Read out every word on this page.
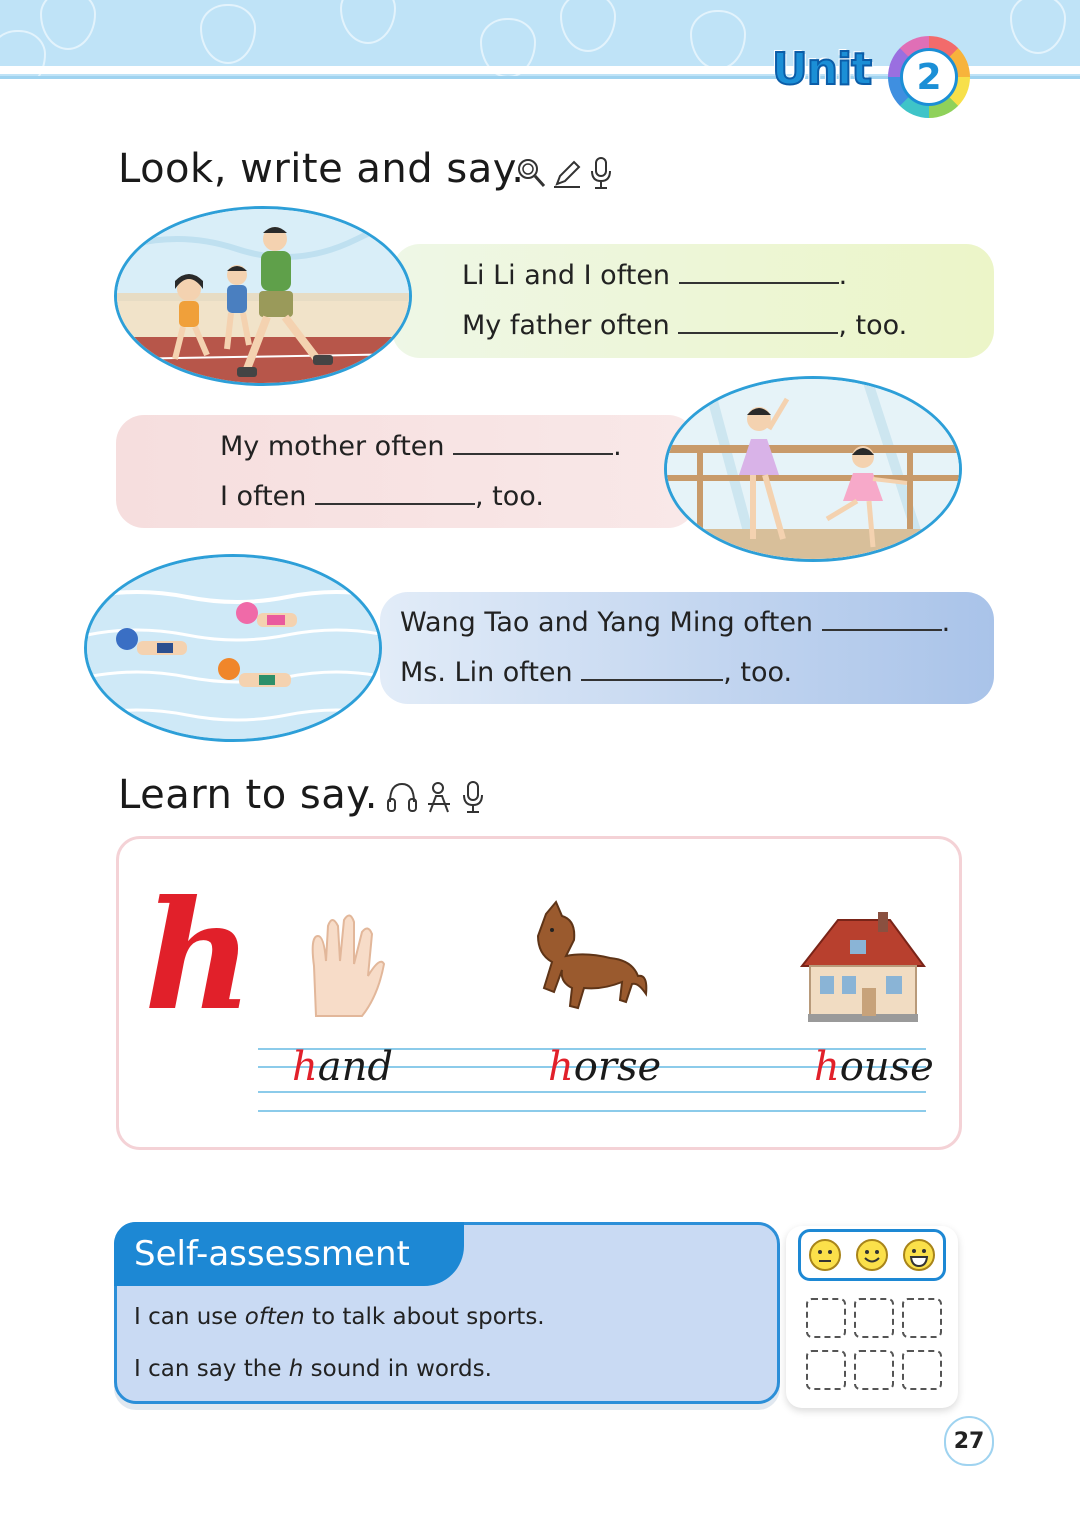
Unit	2
Look, write and say.
Li Li and I often	.
My father often	, too.
My mother often	.
I often	, too.
Wang Tao and Yang Ming often	.
Ms. Lin often	, too.
Learn to say.
h
hand	horse	house
Self-assessment
I can use often to talk about sports.
I can say the h sound in words.
27
